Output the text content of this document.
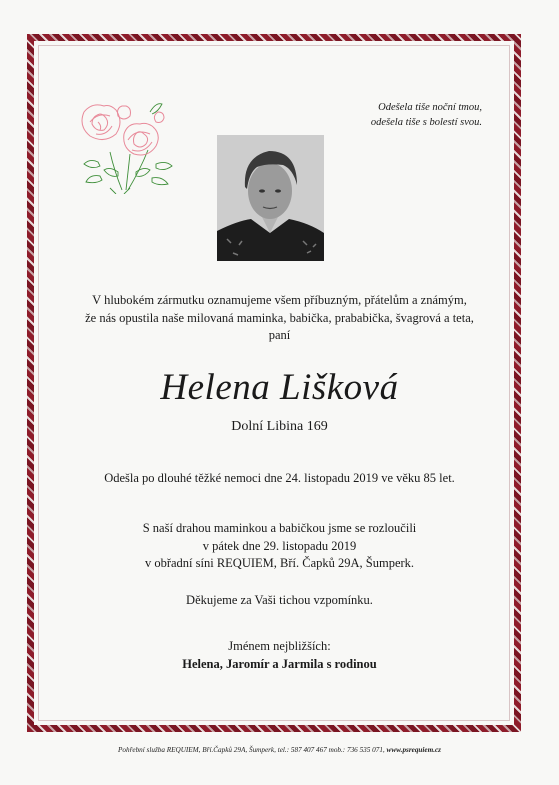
Odešela tiše noční tmou,
odešela tiše s bolestí svou.
V hlubokém zármutku oznamujeme všem příbuzným, přátelům a známým,
že nás opustila naše milovaná maminka, babička, prababička, švagrová a teta,
paní
Helena Lišková
Dolní Libina 169
Odešla po dlouhé těžké nemoci dne 24. listopadu 2019 ve věku 85 let.
S naší drahou maminkou a babičkou jsme se rozloučili
v pátek dne 29. listopadu 2019
v obřadní síni REQUIEM, Bří. Čapků 29A, Šumperk.
Děkujeme za Vaši tichou vzpomínku.
Jménem nejbližších:
Helena, Jaromír a Jarmila s rodinou
Pohřební služba REQUIEM, Bří.Čapků 29A, Šumperk, tel.: 587 407 467 mob.: 736 535 071, www.psrequiem.cz
